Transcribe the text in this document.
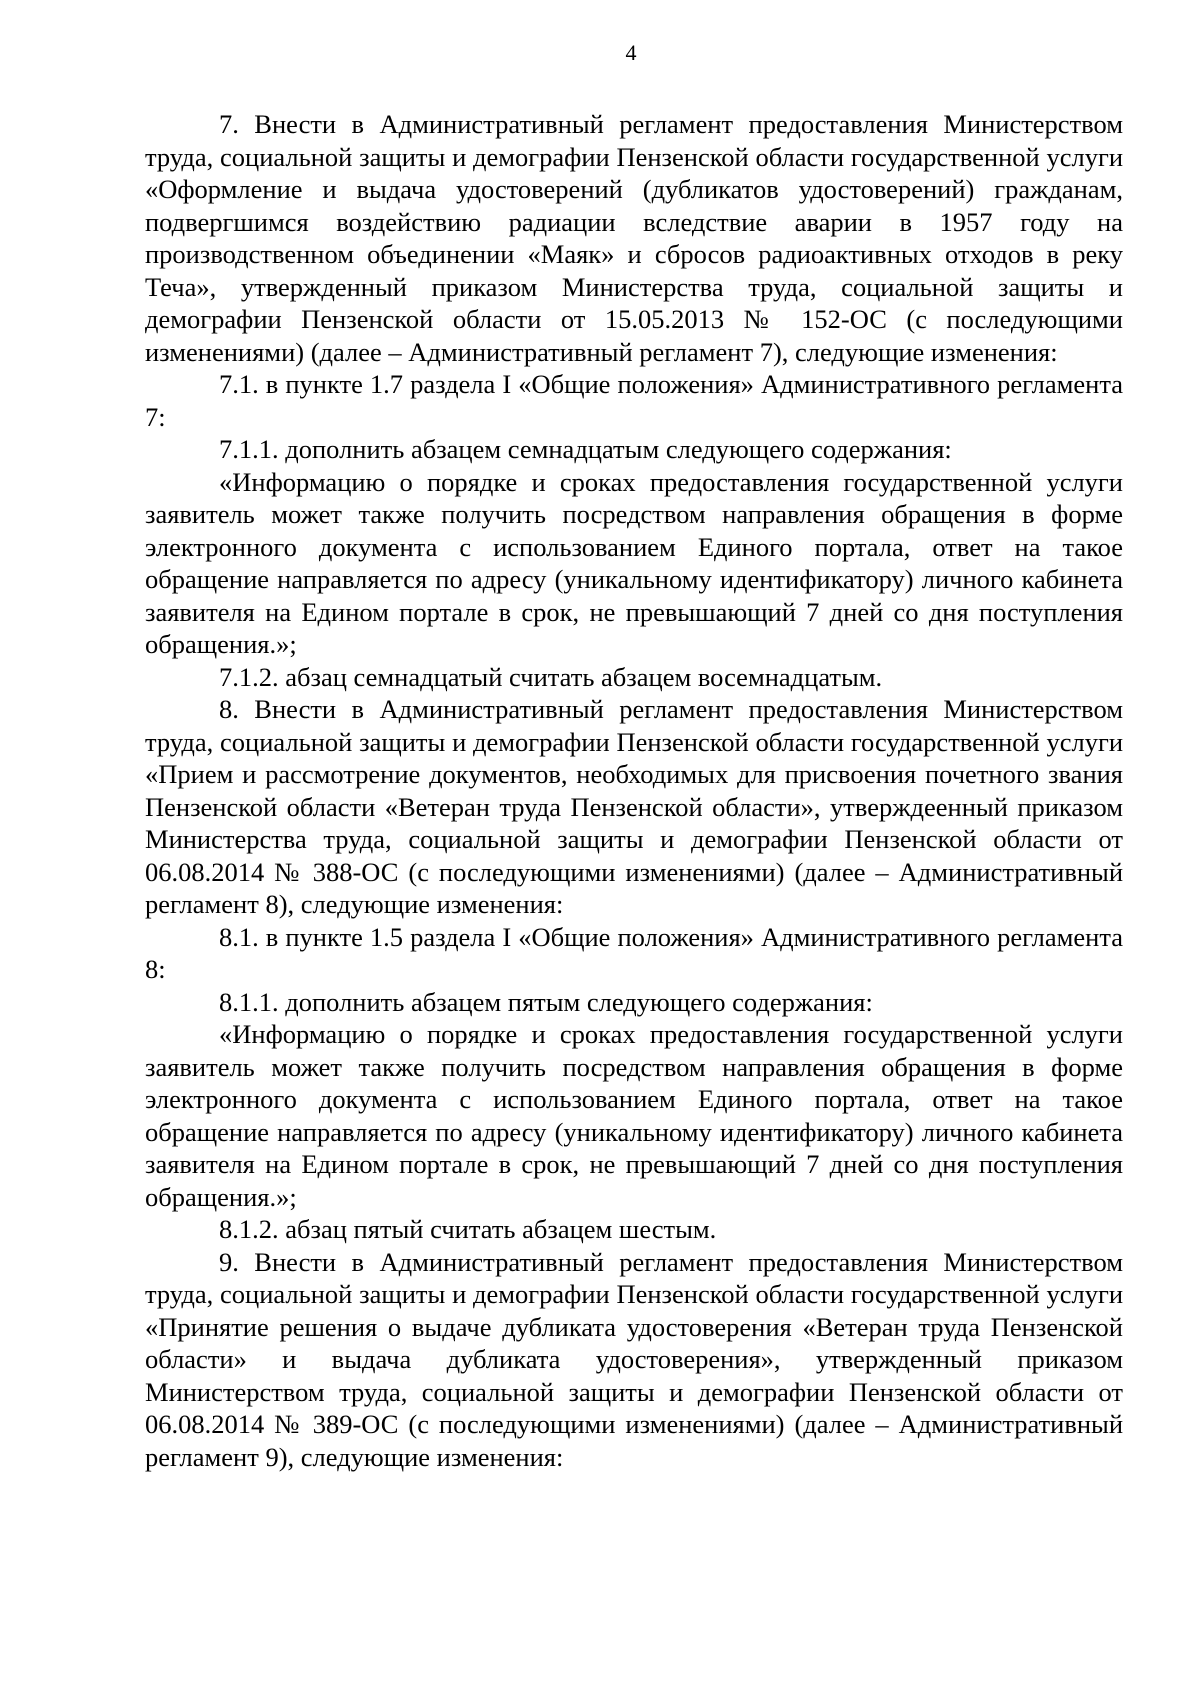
4

7. Внести в Административный регламент предоставления Министерством труда, социальной защиты и демографии Пензенской области государственной услуги «Оформление и выдача удостоверений (дубликатов удостоверений) гражданам, подвергшимся воздействию радиации вследствие аварии в 1957 году на производственном объединении «Маяк» и сбросов радиоактивных отходов в реку Теча», утвержденный приказом Министерства труда, социальной защиты и демографии Пензенской области от 15.05.2013 № 152-ОС (с последующими изменениями) (далее – Административный регламент 7), следующие изменения:

7.1. в пункте 1.7 раздела I «Общие положения» Административного регламента 7:

7.1.1. дополнить абзацем семнадцатым следующего содержания:

«Информацию о порядке и сроках предоставления государственной услуги заявитель может также получить посредством направления обращения в форме электронного документа с использованием Единого портала, ответ на такое обращение направляется по адресу (уникальному идентификатору) личного кабинета заявителя на Едином портале в срок, не превышающий 7 дней со дня поступления обращения.»;

7.1.2. абзац семнадцатый считать абзацем восемнадцатым.

8. Внести в Административный регламент предоставления Министерством труда, социальной защиты и демографии Пензенской области государственной услуги «Прием и рассмотрение документов, необходимых для присвоения почетного звания Пензенской области «Ветеран труда Пензенской области», утверждеенный приказом Министерства труда, социальной защиты и демографии Пензенской области от 06.08.2014 № 388-ОС (с последующими изменениями) (далее – Административный регламент 8), следующие изменения:

8.1. в пункте 1.5 раздела I «Общие положения» Административного регламента 8:

8.1.1. дополнить абзацем пятым следующего содержания:

«Информацию о порядке и сроках предоставления государственной услуги заявитель может также получить посредством направления обращения в форме электронного документа с использованием Единого портала, ответ на такое обращение направляется по адресу (уникальному идентификатору) личного кабинета заявителя на Едином портале в срок, не превышающий 7 дней со дня поступления обращения.»;

8.1.2. абзац пятый считать абзацем шестым.

9. Внести в Административный регламент предоставления Министерством труда, социальной защиты и демографии Пензенской области государственной услуги «Принятие решения о выдаче дубликата удостоверения «Ветеран труда Пензенской области» и выдача дубликата удостоверения», утвержденный приказом Министерством труда, социальной защиты и демографии Пензенской области от 06.08.2014 № 389-ОС (с последующими изменениями) (далее – Административный регламент 9), следующие изменения:
